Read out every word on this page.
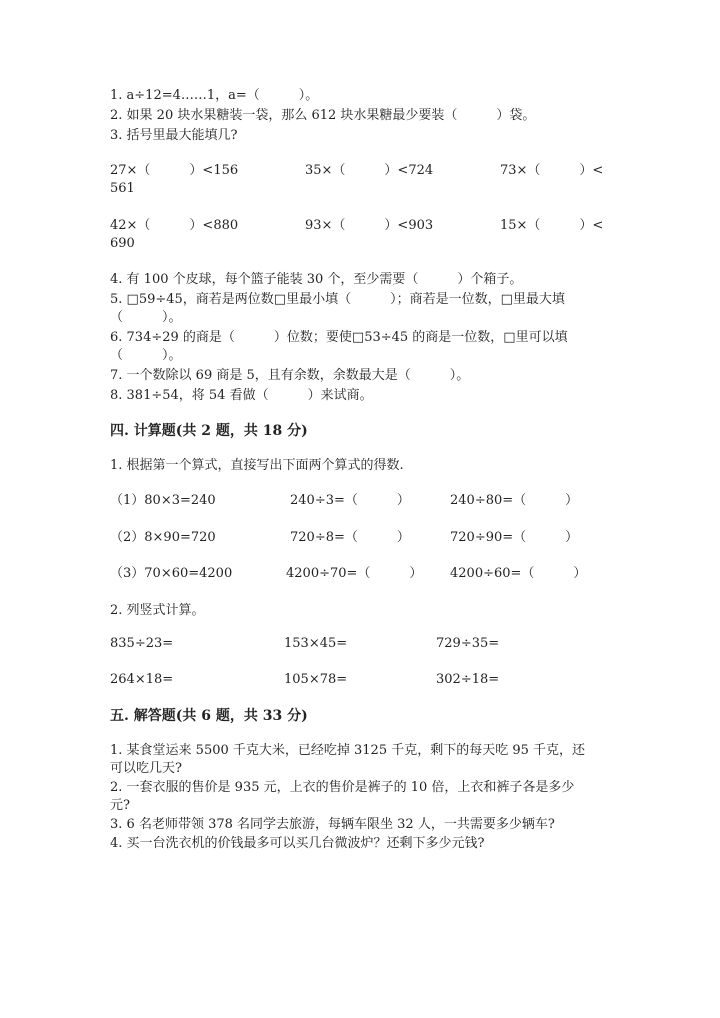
1. a÷12=4……1，a=（　　　）。
2. 如果 20 块水果糖装一袋，那么 612 块水果糖最少要装（　　　）袋。
3. 括号里最大能填几?
27×（　　　）<156	35×（　　　）<724	73×（　　　）<
561
42×（　　　）<880	93×（　　　）<903	15×（　　　）<
690
4. 有 100 个皮球，每个篮子能装 30 个，至少需要（　　　）个箱子。
5. □59÷45，商若是两位数□里最小填（　　　）；商若是一位数，□里最大填
（　　　）。
6. 734÷29 的商是（　　　）位数；要使□53÷45 的商是一位数，□里可以填
（　　　）。
7. 一个数除以 69 商是 5，且有余数，余数最大是（　　　）。
8. 381÷54，将 54 看做（　　　）来试商。
四. 计算题(共 2 题，共 18 分)
1. 根据第一个算式，直接写出下面两个算式的得数.
（1）80×3=240	240÷3=（　　　）	240÷80=（　　　）
（2）8×90=720	720÷8=（　　　）	720÷90=（　　　）
（3）70×60=4200	4200÷70=（　　　） 4200÷60=（　　　）
2. 列竖式计算。
835÷23=	153×45=	729÷35=
264×18=	105×78=	302÷18=
五. 解答题(共 6 题，共 33 分)
1. 某食堂运来 5500 千克大米，已经吃掉 3125 千克，剩下的每天吃 95 千克，还
可以吃几天?
2. 一套衣服的售价是 935 元，上衣的售价是裤子的 10 倍，上衣和裤子各是多少
元?
3. 6 名老师带领 378 名同学去旅游，每辆车限坐 32 人，一共需要多少辆车?
4. 买一台洗衣机的价钱最多可以买几台微波炉？还剩下多少元钱?
